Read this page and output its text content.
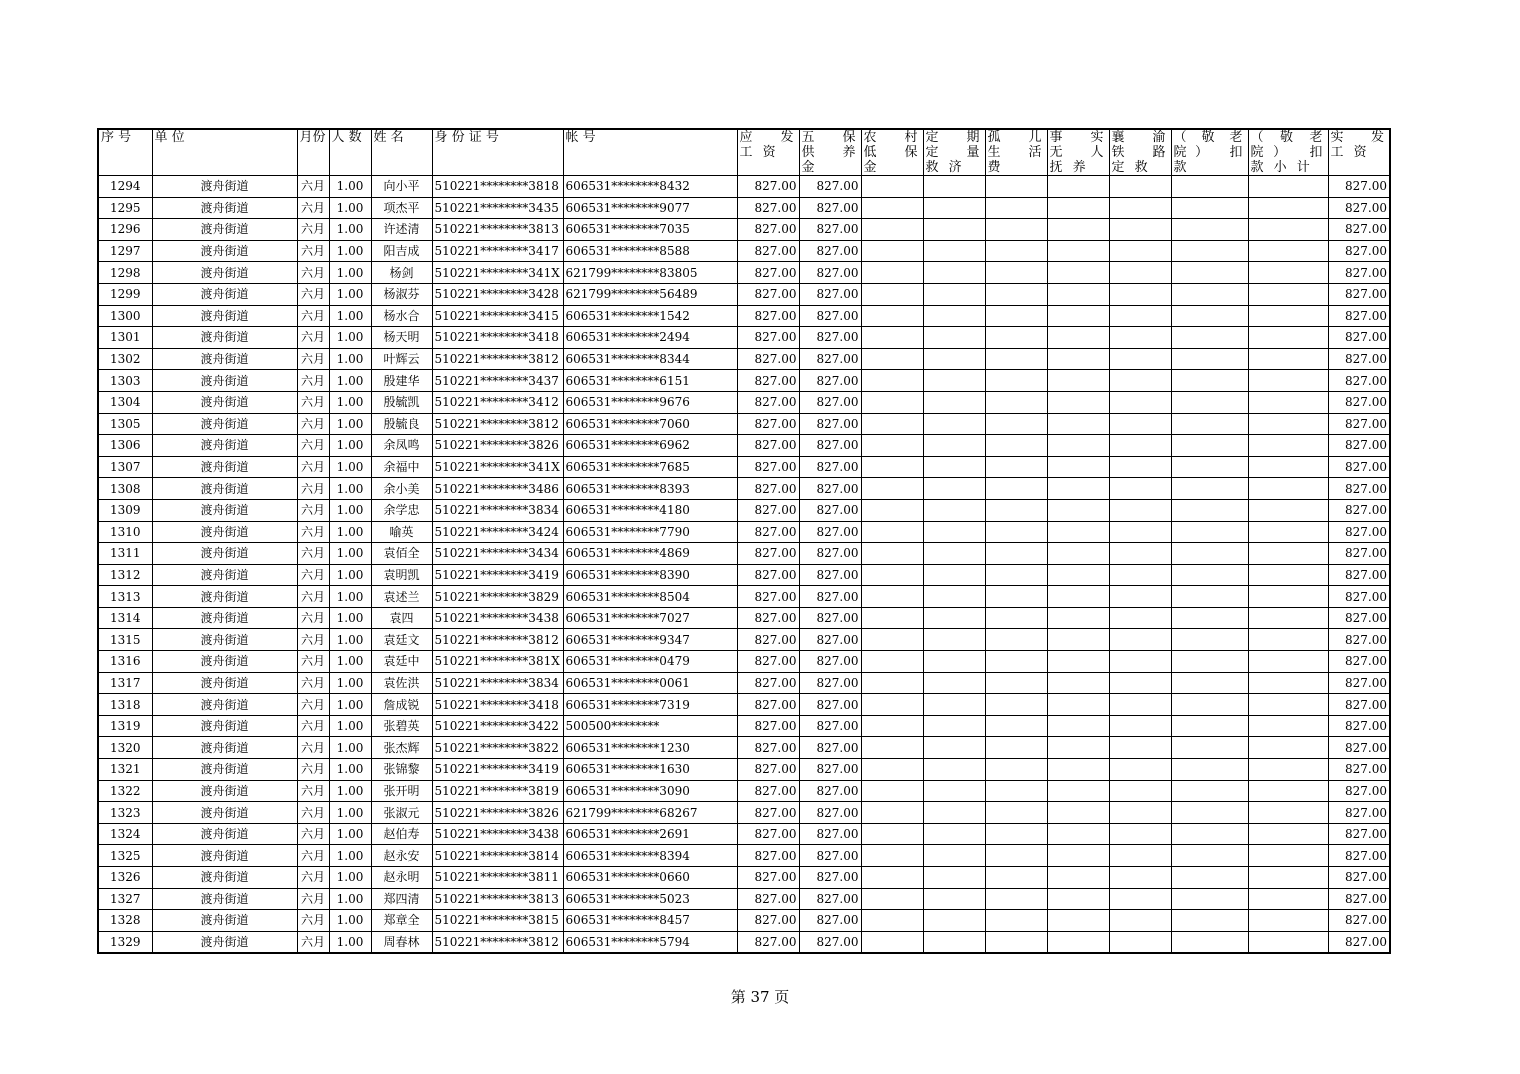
序 号	单 位	月份	人 数	姓 名	身 份 证 号	帐 号	应 发 工 资	五 保 供 养 金	农 村 低 保 金	定 期 定 量 救 济	孤 儿 生 活 费	事 实 无 人 抚 养	襄 渝 铁 路 定 救	（敬老院） 扣 款	（敬老院） 扣 款 小 计	实 发 工 资
1294	渡舟街道	六月	1.00	向小平	510221********3818	606531********8432	827.00	827.00								827.00
1295	渡舟街道	六月	1.00	项杰平	510221********3435	606531********9077	827.00	827.00								827.00
1296	渡舟街道	六月	1.00	许述清	510221********3813	606531********7035	827.00	827.00								827.00
1297	渡舟街道	六月	1.00	阳吉成	510221********3417	606531********8588	827.00	827.00								827.00
1298	渡舟街道	六月	1.00	杨剑	510221********341X	621799********83805	827.00	827.00								827.00
1299	渡舟街道	六月	1.00	杨淑芬	510221********3428	621799********56489	827.00	827.00								827.00
1300	渡舟街道	六月	1.00	杨水合	510221********3415	606531********1542	827.00	827.00								827.00
1301	渡舟街道	六月	1.00	杨天明	510221********3418	606531********2494	827.00	827.00								827.00
1302	渡舟街道	六月	1.00	叶辉云	510221********3812	606531********8344	827.00	827.00								827.00
1303	渡舟街道	六月	1.00	殷建华	510221********3437	606531********6151	827.00	827.00								827.00
1304	渡舟街道	六月	1.00	殷毓凯	510221********3412	606531********9676	827.00	827.00								827.00
1305	渡舟街道	六月	1.00	殷毓良	510221********3812	606531********7060	827.00	827.00								827.00
1306	渡舟街道	六月	1.00	余凤鸣	510221********3826	606531********6962	827.00	827.00								827.00
1307	渡舟街道	六月	1.00	余福中	510221********341X	606531********7685	827.00	827.00								827.00
1308	渡舟街道	六月	1.00	余小美	510221********3486	606531********8393	827.00	827.00								827.00
1309	渡舟街道	六月	1.00	余学忠	510221********3834	606531********4180	827.00	827.00								827.00
1310	渡舟街道	六月	1.00	喻英	510221********3424	606531********7790	827.00	827.00								827.00
1311	渡舟街道	六月	1.00	袁佰全	510221********3434	606531********4869	827.00	827.00								827.00
1312	渡舟街道	六月	1.00	袁明凯	510221********3419	606531********8390	827.00	827.00								827.00
1313	渡舟街道	六月	1.00	袁述兰	510221********3829	606531********8504	827.00	827.00								827.00
1314	渡舟街道	六月	1.00	袁四	510221********3438	606531********7027	827.00	827.00								827.00
1315	渡舟街道	六月	1.00	袁廷文	510221********3812	606531********9347	827.00	827.00								827.00
1316	渡舟街道	六月	1.00	袁廷中	510221********381X	606531********0479	827.00	827.00								827.00
1317	渡舟街道	六月	1.00	袁佐洪	510221********3834	606531********0061	827.00	827.00								827.00
1318	渡舟街道	六月	1.00	詹成锐	510221********3418	606531********7319	827.00	827.00								827.00
1319	渡舟街道	六月	1.00	张碧英	510221********3422	500500********	827.00	827.00								827.00
1320	渡舟街道	六月	1.00	张杰辉	510221********3822	606531********1230	827.00	827.00								827.00
1321	渡舟街道	六月	1.00	张锦黎	510221********3419	606531********1630	827.00	827.00								827.00
1322	渡舟街道	六月	1.00	张开明	510221********3819	606531********3090	827.00	827.00								827.00
1323	渡舟街道	六月	1.00	张淑元	510221********3826	621799********68267	827.00	827.00								827.00
1324	渡舟街道	六月	1.00	赵伯寿	510221********3438	606531********2691	827.00	827.00								827.00
1325	渡舟街道	六月	1.00	赵永安	510221********3814	606531********8394	827.00	827.00								827.00
1326	渡舟街道	六月	1.00	赵永明	510221********3811	606531********0660	827.00	827.00								827.00
1327	渡舟街道	六月	1.00	郑四清	510221********3813	606531********5023	827.00	827.00								827.00
1328	渡舟街道	六月	1.00	郑章全	510221********3815	606531********8457	827.00	827.00								827.00
1329	渡舟街道	六月	1.00	周春林	510221********3812	606531********5794	827.00	827.00								827.00
第 37 页
